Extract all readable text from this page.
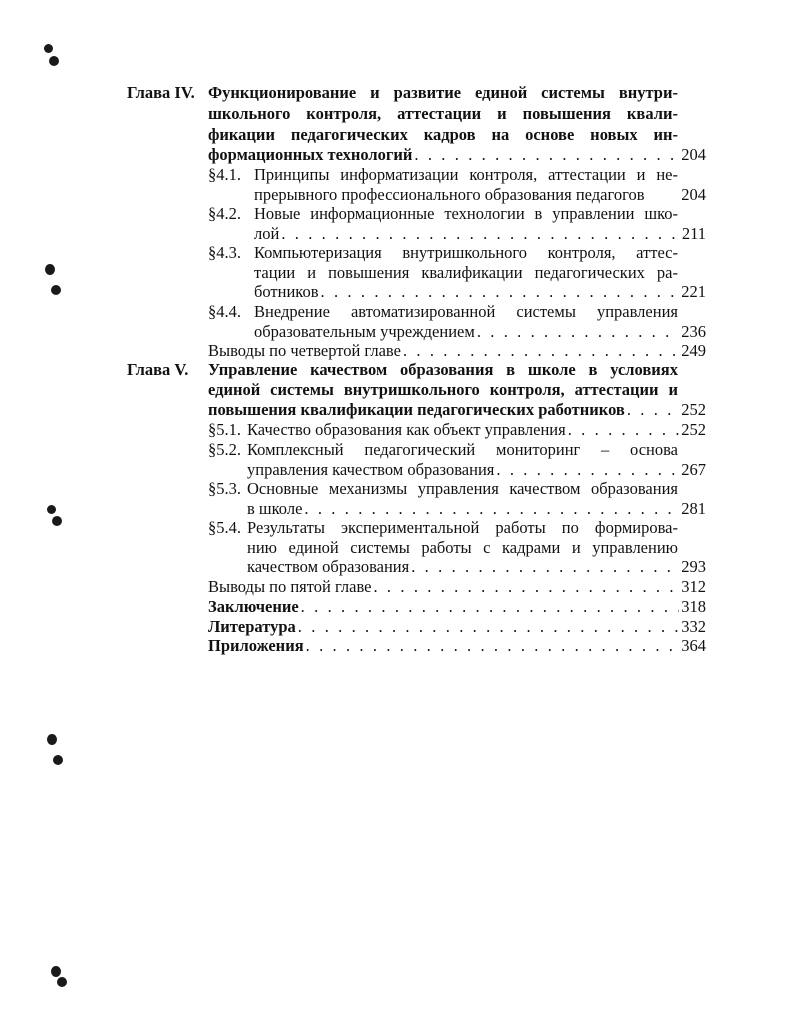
Глава IV. Функционирование и развитие единой системы внутри-
школьного контроля, аттестации и повышения квали-
фикации педагогических кадров на основе новых ин-
формационных технологий . . .	204
§4.1. Принципы информатизации контроля, аттестации и не-
прерывного профессионального образования педагогов 204
§4.2. Новые информационные технологии в управлении шко-
лой . . .	211
§4.3. Компьютеризация внутришкольного контроля, аттес-
тации и повышения квалификации педагогических ра-
ботников . . .	221
§4.4. Внедрение автоматизированной системы управления
образовательным учреждением . . .	236
Выводы по четвертой главе . . .	249
Глава V. Управление качеством образования в школе в условиях
единой системы внутришкольного контроля, аттестации и
повышения квалификации педагогических работников . . .	252
§5.1. Качество образования как объект управления . . .	252
§5.2. Комплексный педагогический мониторинг – основа
управления качеством образования . . .	267
§5.3. Основные механизмы управления качеством образования
в школе . . .	281
§5.4. Результаты экспериментальной работы по формирова-
нию единой системы работы с кадрами и управлению
качеством образования . . .	293
Выводы по пятой главе . . .	312
Заключение . . .	318
Литература . . .	332
Приложения . . .	364
